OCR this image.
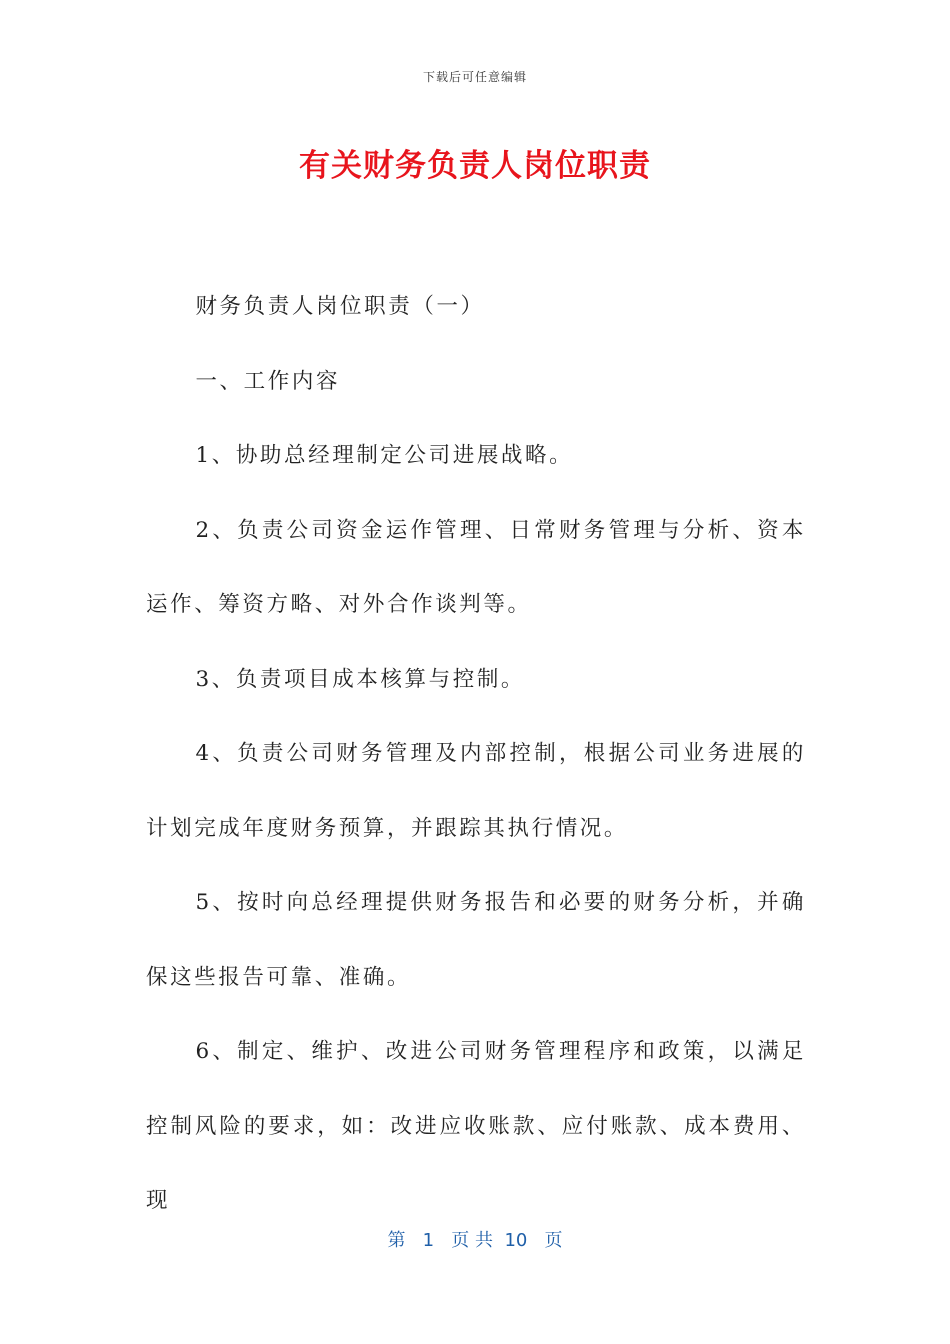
下载后可任意编辑
有关财务负责人岗位职责

财务负责人岗位职责（一）

一、工作内容

1、协助总经理制定公司进展战略。

2、负责公司资金运作管理、日常财务管理与分析、资本运作、筹资方略、对外合作谈判等。

3、负责项目成本核算与控制。

4、负责公司财务管理及内部控制，根据公司业务进展的计划完成年度财务预算，并跟踪其执行情况。

5、按时向总经理提供财务报告和必要的财务分析，并确保这些报告可靠、准确。

6、制定、维护、改进公司财务管理程序和政策，以满足控制风险的要求，如：改进应收账款、应付账款、成本费用、现

第 1 页 共 10 页
